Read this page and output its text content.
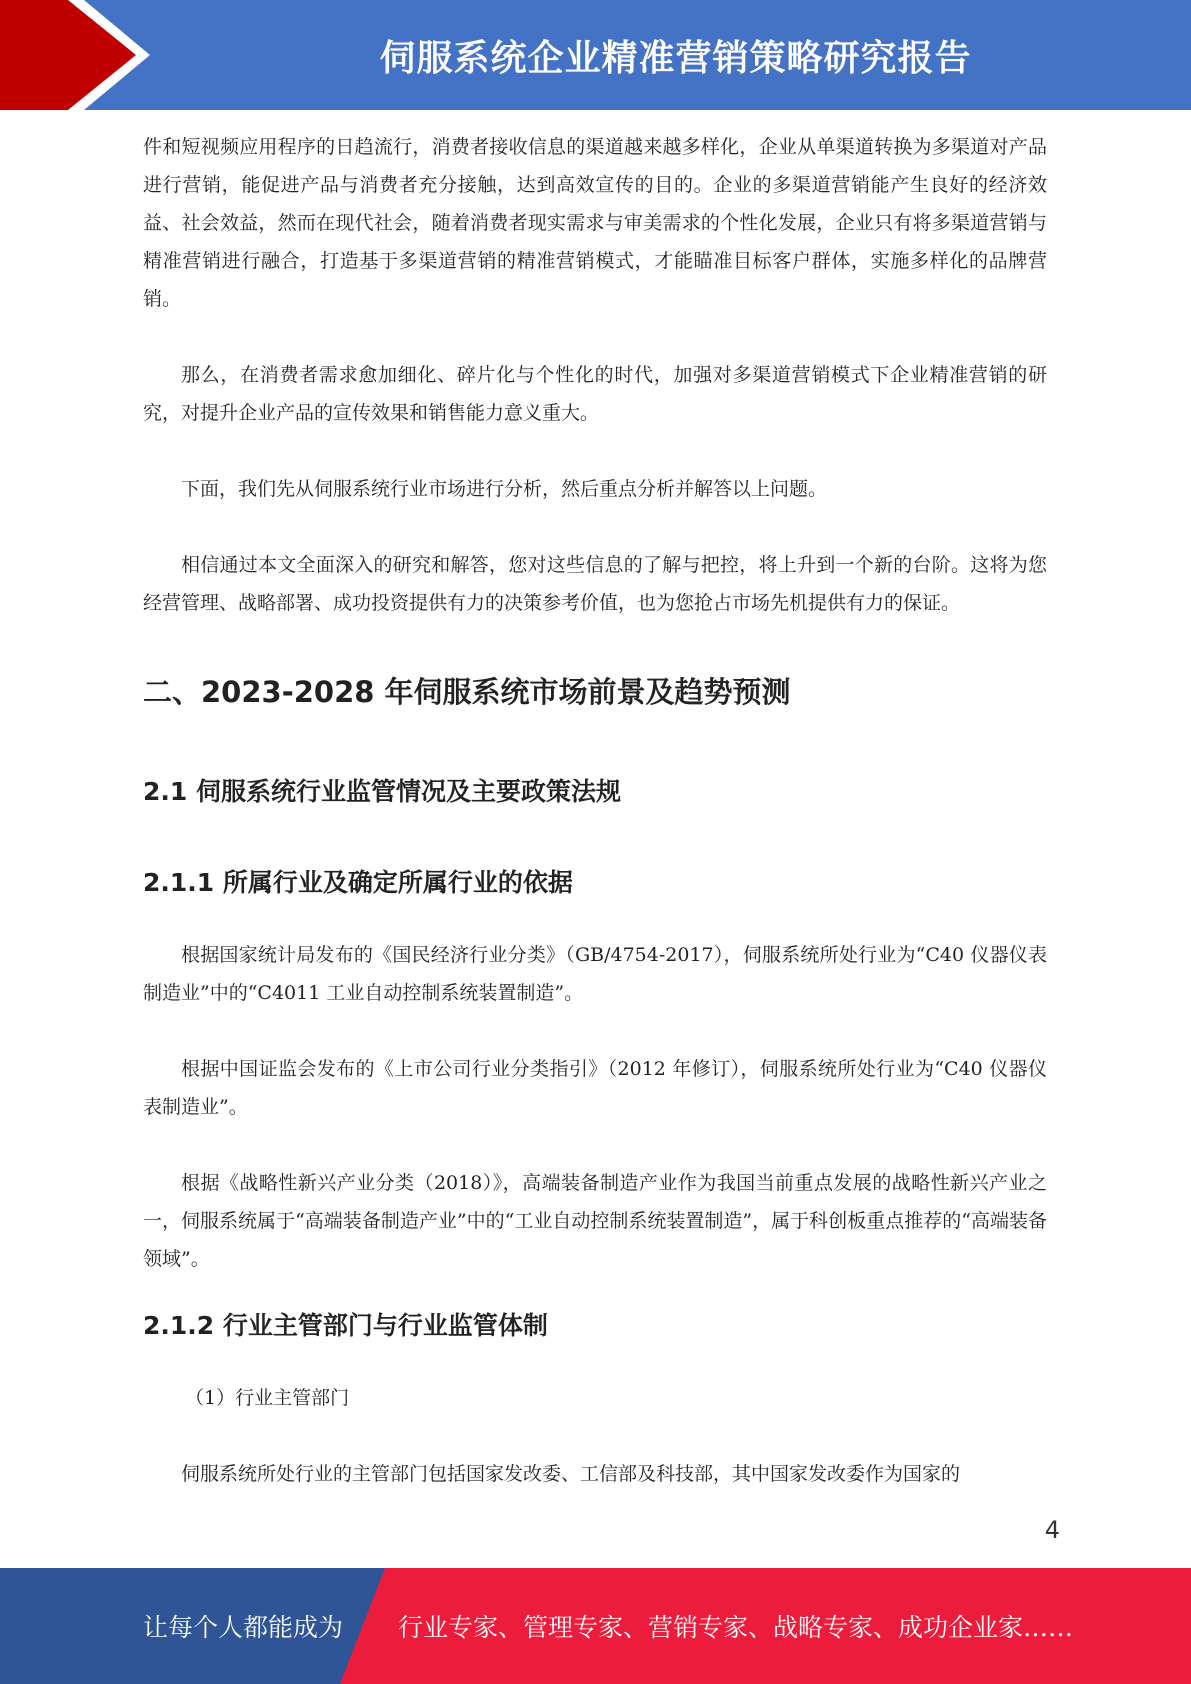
伺服系统企业精准营销策略研究报告

件和短视频应用程序的日趋流行，消费者接收信息的渠道越来越多样化，企业从单渠道转换为多渠道对产品进行营销，能促进产品与消费者充分接触，达到高效宣传的目的。企业的多渠道营销能产生良好的经济效益、社会效益，然而在现代社会，随着消费者现实需求与审美需求的个性化发展，企业只有将多渠道营销与精准营销进行融合，打造基于多渠道营销的精准营销模式，才能瞄准目标客户群体，实施多样化的品牌营销。

那么，在消费者需求愈加细化、碎片化与个性化的时代，加强对多渠道营销模式下企业精准营销的研究，对提升企业产品的宣传效果和销售能力意义重大。

下面，我们先从伺服系统行业市场进行分析，然后重点分析并解答以上问题。

相信通过本文全面深入的研究和解答，您对这些信息的了解与把控，将上升到一个新的台阶。这将为您经营管理、战略部署、成功投资提供有力的决策参考价值，也为您抢占市场先机提供有力的保证。

二、2023-2028 年伺服系统市场前景及趋势预测
2.1 伺服系统行业监管情况及主要政策法规
2.1.1 所属行业及确定所属行业的依据

根据国家统计局发布的《国民经济行业分类》（GB/4754-2017），伺服系统所处行业为“C40 仪器仪表制造业”中的“C4011 工业自动控制系统装置制造”。

根据中国证监会发布的《上市公司行业分类指引》（2012 年修订），伺服系统所处行业为“C40 仪器仪表制造业”。

根据《战略性新兴产业分类（2018）》，高端装备制造产业作为我国当前重点发展的战略性新兴产业之一，伺服系统属于“高端装备制造产业”中的“工业自动控制系统装置制造”，属于科创板重点推荐的“高端装备领域”。

2.1.2 行业主管部门与行业监管体制

（1）行业主管部门

伺服系统所处行业的主管部门包括国家发改委、工信部及科技部，其中国家发改委作为国家的

4
让每个人都能成为 行业专家、管理专家、营销专家、战略专家、成功企业家……
